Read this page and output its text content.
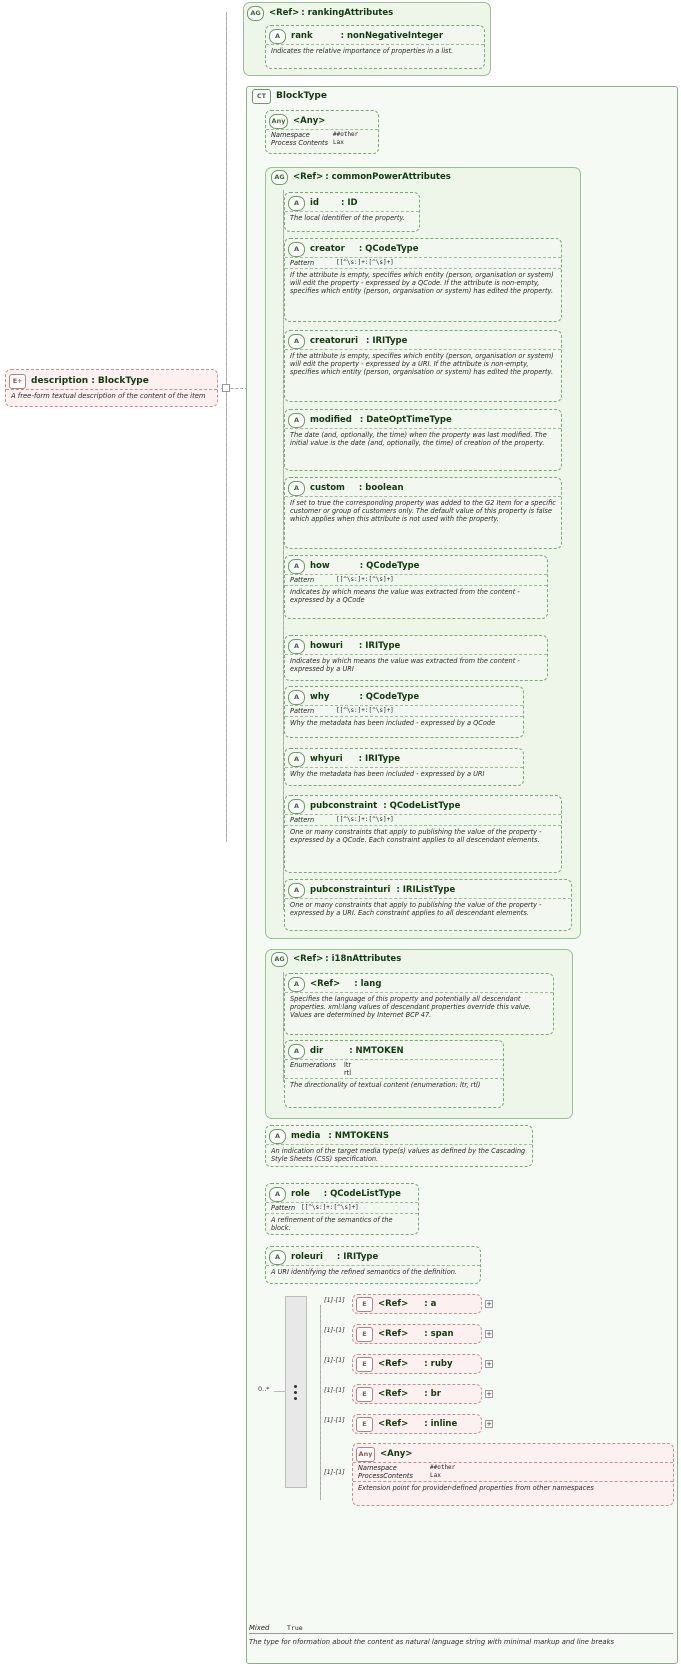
AG <Ref> : rankingAttributes
A	rank	: nonNegativeInteger
Indicates the relative importance of properties in a list.
E + description : BlockType
A free-form textual description of the content of the item
CT	BlockType
Any <Any>
Namespace	##other
Process Contents Lax
AG <Ref> : commonPowerAttributes
A	id	: ID
The local identifier of the property.
A	creator : QCodeType
Pattern	[[^\s:]+:[^\s]+]
If the attribute is empty, specifies which entity (person, organisation or system) will edit the property - expressed by a QCode. If the attribute is non-empty, specifies which entity (person, organisation or system) has edited the property.
A	creatoruri : IRIType
If the attribute is empty, specifies which entity (person, organisation or system) will edit the property - expressed by a URI. If the attribute is non-empty, specifies which entity (person, organisation or system) has edited the property.
A	modified : DateOptTimeType
The date (and, optionally, the time) when the property was last modified. The initial value is the date (and, optionally, the time) of creation of the property.
A	custom : boolean
If set to true the corresponding property was added to the G2 Item for a specific customer or group of customers only. The default value of this property is false which applies when this attribute is not used with the property.
A	how	: QCodeType
Pattern	[[^\s:]+:[^\s]+]
Indicates by which means the value was extracted from the content - expressed by a QCode
A	howuri : IRIType
Indicates by which means the value was extracted from the content - expressed by a URI
A	why	: QCodeType
Pattern	[[^\s:]+:[^\s]+]
Why the metadata has been included - expressed by a QCode
A	whyuri : IRIType
Why the metadata has been included - expressed by a URI
A	pubconstraint : QCodeListType
Pattern	[[^\s:]+:[^\s]+]
One or many constraints that apply to publishing the value of the property - expressed by a QCode. Each constraint applies to all descendant elements.
A	pubconstrainturi : IRIListType
One or many constraints that apply to publishing the value of the property - expressed by a URI. Each constraint applies to all descendant elements.
AG <Ref> : i18nAttributes
A	<Ref> : lang
Specifies the language of this property and potentially all descendant properties. xml:lang values of descendant properties override this value. Values are determined by Internet BCP 47.
A	dir	: NMTOKEN
Enumerations	ltr
rtl
The directionality of textual content (enumeration: ltr, rtl)
A	media : NMTOKENS
An indication of the target media type(s) values as defined by the Cascading Style Sheets (CSS) specification.
A	role : QCodeListType
Pattern [[^\s:]+:[^\s]+]
A refinement of the semantics of the block.
A	roleuri : IRIType
A URI identifying the refined semantics of the definition.
0..*
[1]-[1]	E	<Ref> : a	+
[1]-[1]	E	<Ref> : span	+
[1]-[1]	E	<Ref> : ruby	+
[1]-[1]	E	<Ref> : br	+
[1]-[1]	E	<Ref> : inline	+
[1]-[1]
Any <Any>
Namespace	##other
ProcessContents	Lax
Extension point for provider-defined properties from other namespaces
Mixed	True
The type for nformation about the content as natural language string with minimal markup and line breaks
